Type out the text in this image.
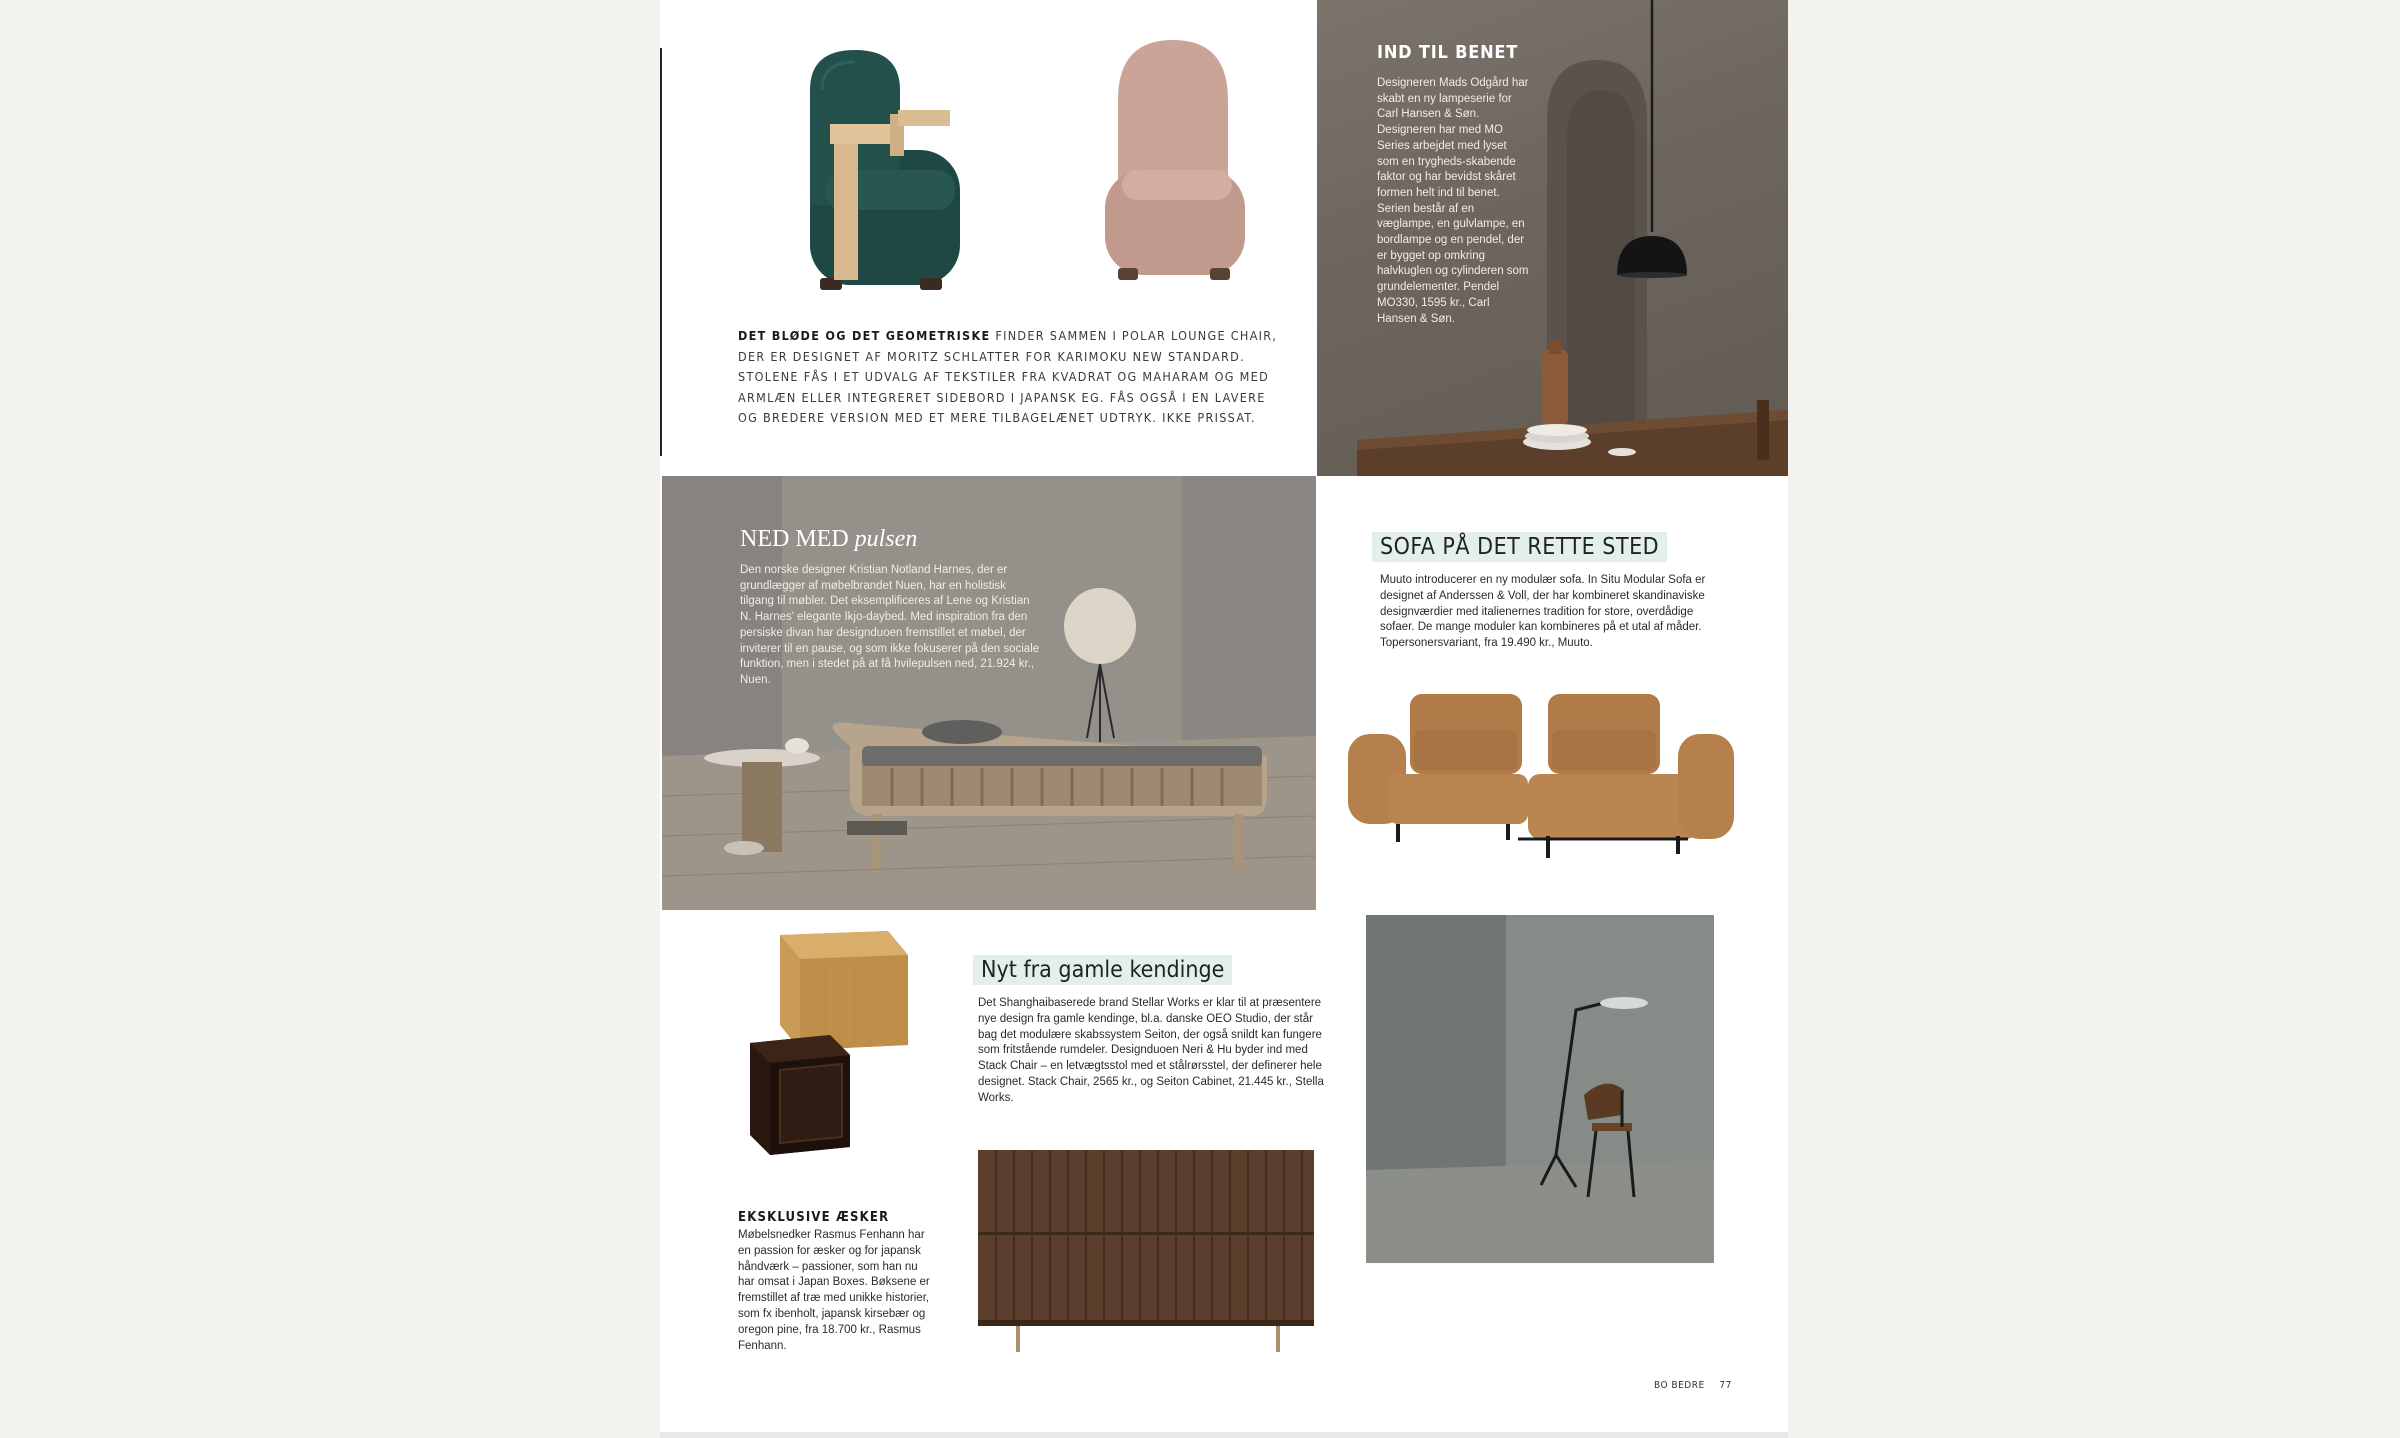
DET BLØDE OG DET GEOMETRISKE FINDER SAMMEN I POLAR LOUNGE CHAIR, DER ER DESIGNET AF MORITZ SCHLATTER FOR KARIMOKU NEW STANDARD. STOLENE FÅS I ET UDVALG AF TEKSTILER FRA KVADRAT OG MAHARAM OG MED ARMLÆN ELLER INTEGRERET SIDEBORD I JAPANSK EG. FÅS OGSÅ I EN LAVERE OG BREDERE VERSION MED ET MERE TILBAGELÆNET UDTRYK. IKKE PRISSAT.
IND TIL BENET
Designeren Mads Odgård har skabt en ny lampeserie for Carl Hansen & Søn. Designeren har med MO Series arbejdet med lyset som en trygheds-skabende faktor og har bevidst skåret formen helt ind til benet. Serien består af en væglampe, en gulvlampe, en bordlampe og en pendel, der er bygget op omkring halvkuglen og cylinderen som grundelementer. Pendel MO330, 1595 kr., Carl Hansen & Søn.
NED MED pulsen
Den norske designer Kristian Notland Harnes, der er grundlægger af møbelbrandet Nuen, har en holistisk tilgang til møbler. Det eksemplificeres af Lene og Kristian N. Harnes' elegante Ikjo-daybed. Med inspiration fra den persiske divan har designduoen fremstillet et møbel, der inviterer til en pause, og som ikke fokuserer på den sociale funktion, men i stedet på at få hvilepulsen ned, 21.924 kr., Nuen.
SOFA PÅ DET RETTE STED
Muuto introducerer en ny modulær sofa. In Situ Modular Sofa er designet af Anderssen & Voll, der har kombineret skandinaviske designværdier med italienernes tradition for store, overdådige sofaer. De mange moduler kan kombineres på et utal af måder. Topersonersvariant, fra 19.490 kr., Muuto.
EKSKLUSIVE ÆSKER
Møbelsnedker Rasmus Fenhann har en passion for æsker og for japansk håndværk – passioner, som han nu har omsat i Japan Boxes. Bøksene er fremstillet af træ med unikke historier, som fx ibenholt, japansk kirsebær og oregon pine, fra 18.700 kr., Rasmus Fenhann.
Nyt fra gamle kendinge
Det Shanghaibaserede brand Stellar Works er klar til at præsentere nye design fra gamle kendinge, bl.a. danske OEO Studio, der står bag det modulære skabssystem Seiton, der også snildt kan fungere som fritstående rumdeler. Designduoen Neri & Hu byder ind med Stack Chair – en letvægtsstol med et stålrørsstel, der definerer hele designet. Stack Chair, 2565 kr., og Seiton Cabinet, 21.445 kr., Stella Works.
BO BEDRE 77
